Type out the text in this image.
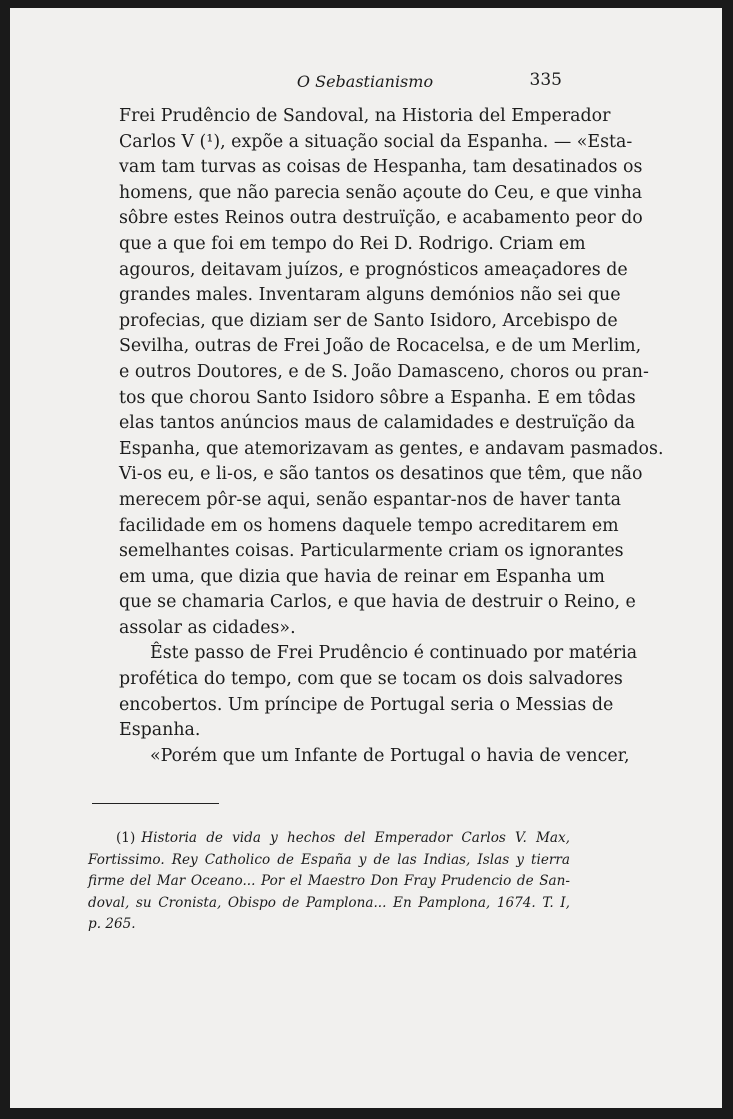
O Sebastianismo	335

Frei Prudêncio de Sandoval, na Historia del Emperador
Carlos V (¹), expõe a situação social da Espanha. — «Esta-
vam tam turvas as coisas de Hespanha, tam desatinados os
homens, que não parecia senão açoute do Ceu, e que vinha
sôbre estes Reinos outra destruïção, e acabamento peor do
que a que foi em tempo do Rei D. Rodrigo. Criam em
agouros, deitavam juízos, e prognósticos ameaçadores de
grandes males. Inventaram alguns demónios não sei que
profecias, que diziam ser de Santo Isidoro, Arcebispo de
Sevilha, outras de Frei João de Rocacelsa, e de um Merlim,
e outros Doutores, e de S. João Damasceno, choros ou pran-
tos que chorou Santo Isidoro sôbre a Espanha. E em tôdas
elas tantos anúncios maus de calamidades e destruïção da
Espanha, que atemorizavam as gentes, e andavam pasmados.
Vi-os eu, e li-os, e são tantos os desatinos que têm, que não
merecem pôr-se aqui, senão espantar-nos de haver tanta
facilidade em os homens daquele tempo acreditarem em
semelhantes coisas. Particularmente criam os ignorantes
em uma, que dizia que havia de reinar em Espanha um
que se chamaria Carlos, e que havia de destruir o Reino, e
assolar as cidades».

Êste passo de Frei Prudêncio é continuado por matéria
profética do tempo, com que se tocam os dois salvadores
encobertos. Um príncipe de Portugal seria o Messias de
Espanha.

«Porém que um Infante de Portugal o havia de vencer,

(1) Historia de vida y hechos del Emperador Carlos V. Max,
Fortissimo. Rey Catholico de España y de las Indias, Islas y tierra
firme del Mar Oceano... Por el Maestro Don Fray Prudencio de San-
doval, su Cronista, Obispo de Pamplona... En Pamplona, 1674. T. I,
p. 265.
